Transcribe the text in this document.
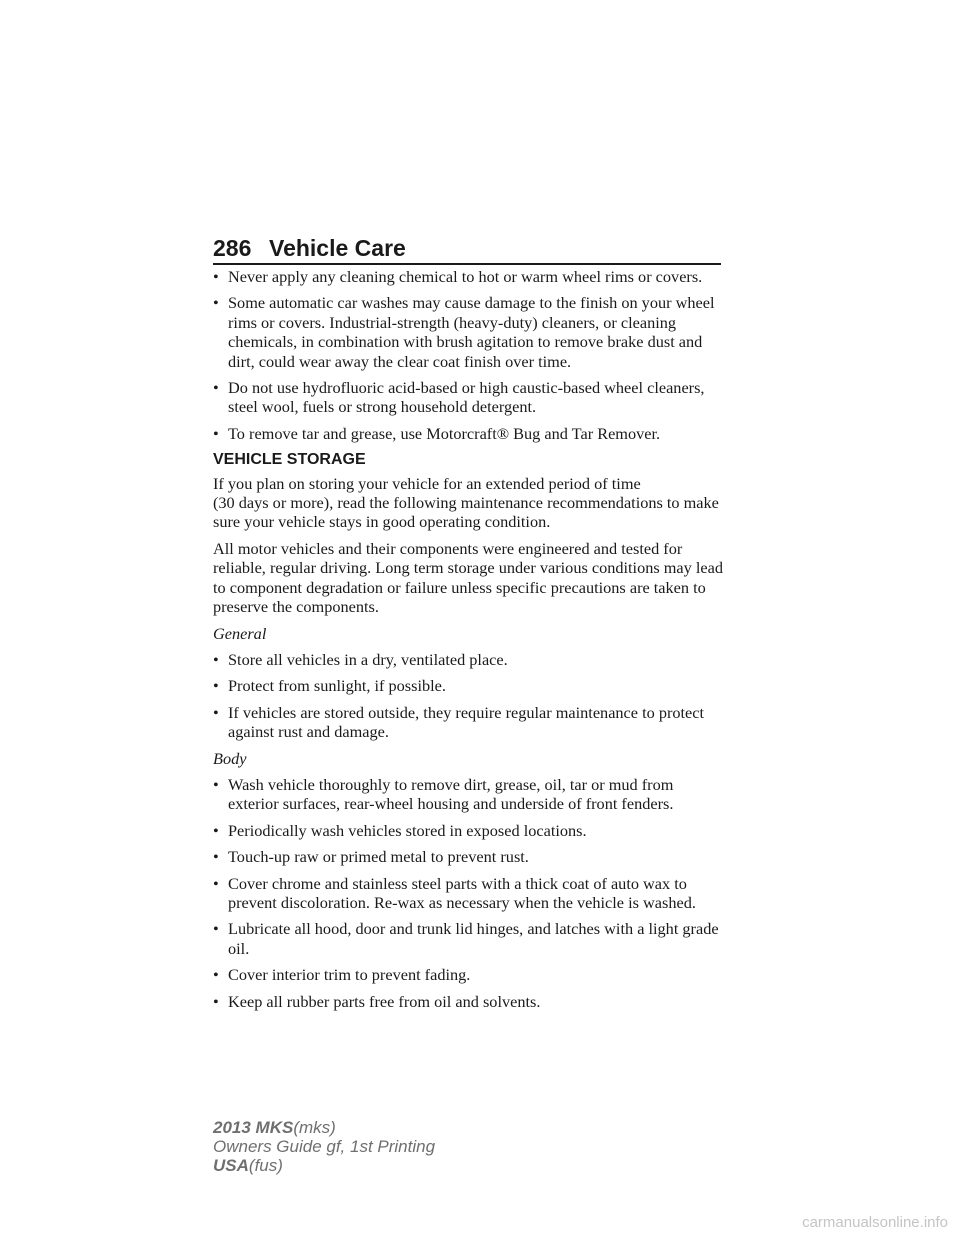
286 Vehicle Care
• Never apply any cleaning chemical to hot or warm wheel rims or covers.
• Some automatic car washes may cause damage to the finish on your wheel rims or covers. Industrial-strength (heavy-duty) cleaners, or cleaning chemicals, in combination with brush agitation to remove brake dust and dirt, could wear away the clear coat finish over time.
• Do not use hydrofluoric acid-based or high caustic-based wheel cleaners, steel wool, fuels or strong household detergent.
• To remove tar and grease, use Motorcraft® Bug and Tar Remover.
VEHICLE STORAGE
If you plan on storing your vehicle for an extended period of time
(30 days or more), read the following maintenance recommendations to make sure your vehicle stays in good operating condition.
All motor vehicles and their components were engineered and tested for reliable, regular driving. Long term storage under various conditions may lead to component degradation or failure unless specific precautions are taken to preserve the components.
General
• Store all vehicles in a dry, ventilated place.
• Protect from sunlight, if possible.
• If vehicles are stored outside, they require regular maintenance to protect against rust and damage.
Body
• Wash vehicle thoroughly to remove dirt, grease, oil, tar or mud from exterior surfaces, rear-wheel housing and underside of front fenders.
• Periodically wash vehicles stored in exposed locations.
• Touch-up raw or primed metal to prevent rust.
• Cover chrome and stainless steel parts with a thick coat of auto wax to prevent discoloration. Re-wax as necessary when the vehicle is washed.
• Lubricate all hood, door and trunk lid hinges, and latches with a light grade oil.
• Cover interior trim to prevent fading.
• Keep all rubber parts free from oil and solvents.
2013 MKS(mks)
Owners Guide gf, 1st Printing
USA(fus)
carmanualsonline.info
